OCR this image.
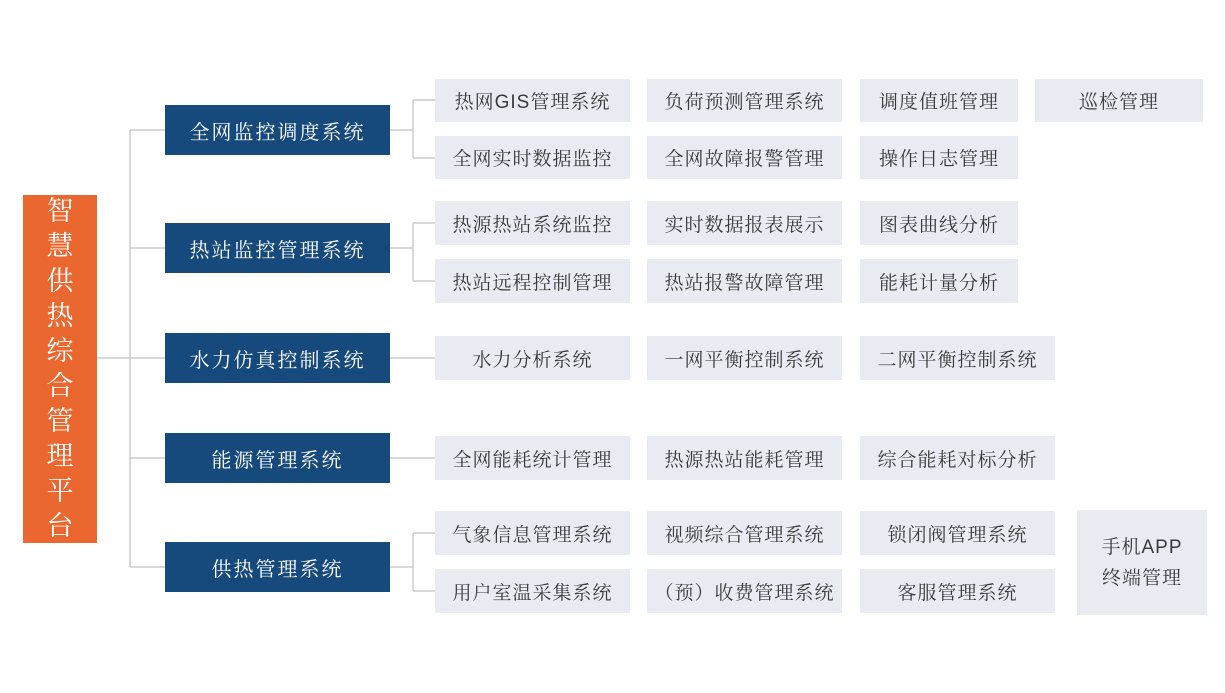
智
慧
供
热
综
合
管
理
平
台
全网监控调度系统
热站监控管理系统
水力仿真控制系统
能源管理系统
供热管理系统
热网GIS管理系统	负荷预测管理系统	调度值班管理	巡检管理
全网实时数据监控	全网故障报警管理	操作日志管理
热源热站系统监控	实时数据报表展示	图表曲线分析
热站远程控制管理	热站报警故障管理	能耗计量分析
水力分析系统	一网平衡控制系统	二网平衡控制系统
全网能耗统计管理	热源热站能耗管理	综合能耗对标分析
气象信息管理系统	视频综合管理系统	锁闭阀管理系统
用户室温采集系统	（预）收费管理系统	客服管理系统
手机APP
终端管理
